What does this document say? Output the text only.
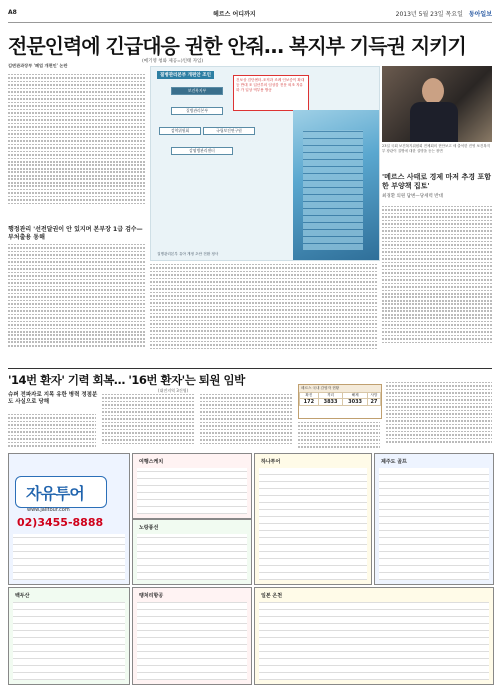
A8	헤르스 어디까지	2013년 5월 23일 목요일 동아일보
전문인력에 긴급대응 권한 안줘… 복지부 기득권 지키기
(메기영 청와 제공=)인태 자입)
김변관과장부 '폐업 개편인' 논란
행정관리 '선전달권이 안 있지며 본부장 1급 검수—부처출용 동해
질병관리본부 개편안 조인
보건복지부
질병관리본부
검역위원회	국립보건연구원
감염병관리센터
건보상 검단센터-조직과 조례 인보증이 확대 등 반대 조 입산부의 임상감 전문 외조 자유화 가 입상 역부용 방공
질병관리본부 유아 개정 초안 전환 정사
23일 국회 보건복지위원회 전체회의 현안보고 세 출석한 진영 보건복지부 장관이 질병에 대한 설명을 듣는 장면
'메르스 사태로 경제 마저 추경 포함한 부양책 집토'
최경환 의원 답변—당세력 반대
'14번 환자' 기력 회복… '16번 환자'는 퇴원 임박
(대전지역 3건영)
슈퍼 전파자로 지목 유한 병력 정점분도 사실으로 당해
헤르스 국내 감염자 현황
확진	격리	해제	사망
172	3833	3033	27
자유투어
www.jalltour.com
02)3455-8888
여행스케치
노랑풍선
하나투어	제주도 골프
백두산	땡처리항공	일본 온천
